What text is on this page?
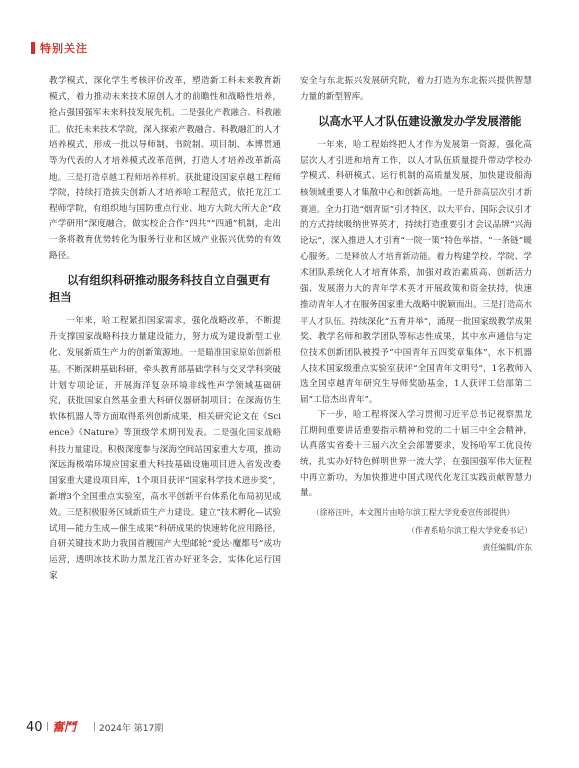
特别关注

教学模式，深化学生考核评价改革，塑造新工科未来教育新模式，着力推动未来技术原创人才的前瞻性和战略性培养，抢占强国强军未来科技发展先机。二是强化产教融合、科教融汇。依托未来技术学院，深入探索产教融合、科教融汇的人才培养模式，形成一批以导师制、书院制、项目制、本博贯通等为代表的人才培养模式改革范例，打造人才培养改革新高地。三是打造卓越工程师培养样析。获批建设国家卓越工程师学院，持续打造拔尖创新人才培养哈工程范式，依托龙江工程师学院，有组织地与国防重点行业、地方大院大所大企“政产学研用”深度融合，做实校企合作“四共”“四通”机制，走出一条将教育优势转化为服务行业和区域产业振兴优势的有效路径。

以有组织科研推动服务科技自立自强更有担当

一年来，哈工程紧扣国家需求，强化战略改革，不断提升支撑国家战略科技力量建设能力，努力成为建设新型工业化、发展新质生产力的创新策源地。一是瞄准国家原始创新根基。不断深耕基础科研，牵头教育部基础学科与交叉学科突破计划专项论证，开展海洋复杂环境非线性声学领域基础研究，获批国家自然基金重大科研仪器研制项目；在深海仿生软体机器人等方面取得系列创新成果，相关研究论文在《Science》《Nature》等顶级学术期刊发表。二是强化国家战略科技力量建设。积极深度参与深海空间站国家重大专项，推动深远海极端环境应国家重大科技基础设施项目进入省发改委国家重大建设项目库，1个项目获评“国家科学技术进步奖”，新增3个全国重点实验室，高水平创新平台体系化布局初见成效。三是积极服务区域新质生产力建设。建立“技术孵化—试验试用—能力生成—催生成果”科研成果的快速转化应用路径，自研关键技术助力我国首艘国产大型邮轮“爱达·魔都号”成功运营，透明冰技术助力黑龙江省办好亚冬会，实体化运行国家

安全与东北振兴发展研究院，着力打造为东北振兴提供智慧力量的新型智库。

以高水平人才队伍建设激发办学发展潜能

一年来，哈工程始终把人才作为发展第一资源，强化高层次人才引进和培育工作，以人才队伍质量提升带动学校办学模式、科研模式、运行机制的高质量发展，加快建设船海核领域重要人才集散中心和创新高地。一是升辞高层次引才新赛道。全力打造“烟青原”引才特区，以大平台、国际会议引才的方式持续吸纳世界英才，持续打造重要引才会议品牌“兴海论坛”，深入推进人才引育“一院一策”特色举措、“一条链”暖心服务。二是释放人才培育新动能。着力构建学校、学院、学术团队系统化人才培育体系，加强对政治素质高、创新活力强、发展潜力大的青年学术英才开展政策和资金扶持，快速推动青年人才在服务国家重大战略中脱颖而出。三是打造高水平人才队伍。持续深化“五育并举”，涌现一批国家级教学成果奖、教学名师和教学团队等标志性成果，其中水声通信与定位技术创新团队被授予“中国青年五四奖章集体”，水下机器人技术国家级重点实验室获评“全国青年文明号”，1名教师入选全国卓越青年研究生导师奖励基金，1人获评工信部第二届“工信杰出青年”。

下一步，哈工程将深入学习贯彻习近平总书记视察黑龙江期间重要讲话重要指示精神和党的二十届三中全会精神，认真落实省委十三届六次全会部署要求，发扬哈军工优良传统，扎实办好特色鲜明世界一流大学，在强国强军伟大征程中再立新功，为加快推进中国式现代化龙江实践贡献智慧力量。

（徐裕汪叶，本文图片由哈尔滨工程大学党委宣传部提供）

（作者系哈尔滨工程大学党委书记）
责任编辑/许东
40 奮鬥	2024年 第17期
